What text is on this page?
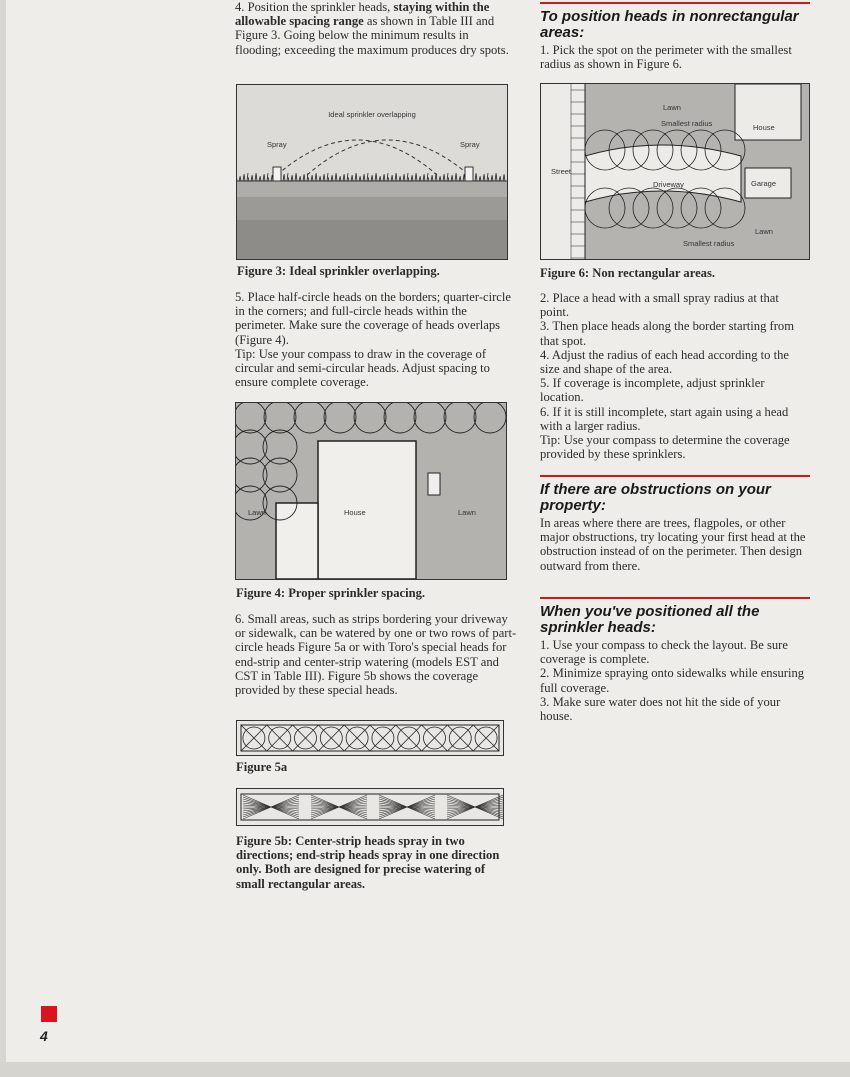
4. Position the sprinkler heads, staying within the allowable spacing range as shown in Table III and Figure 3. Going below the minimum results in flooding; exceeding the maximum produces dry spots.

Ideal sprinkler overlapping
Spray	Spray
Figure 3: Ideal sprinkler overlapping.

5. Place half-circle heads on the borders; quarter-circle in the corners; and full-circle heads within the perimeter. Make sure the coverage of heads overlaps (Figure 4).

Tip: Use your compass to draw in the coverage of circular and semi-circular heads. Adjust spacing to ensure complete coverage.

Lawn	House	Lawn
Figure 4: Proper sprinkler spacing.

6. Small areas, such as strips bordering your driveway or sidewalk, can be watered by one or two rows of part-circle heads Figure 5a or with Toro's special heads for end-strip and center-strip watering (models EST and CST in Table III). Figure 5b shows the coverage provided by these special heads.

Figure 5a
Figure 5b: Center-strip heads spray in two directions; end-strip heads spray in one direction only. Both are designed for precise watering of small rectangular areas.
To position heads in nonrectangular areas:

1. Pick the spot on the perimeter with the smallest radius as shown in Figure 6.

Lawn
Smallest radius	House
Street
Driveway	Garage
Lawn
Smallest radius
Figure 6: Non rectangular areas.

2. Place a head with a small spray radius at that point.

3. Then place heads along the border starting from that spot.

4. Adjust the radius of each head according to the size and shape of the area.

5. If coverage is incomplete, adjust sprinkler location.

6. If it is still incomplete, start again using a head with a larger radius.

Tip: Use your compass to determine the coverage provided by these sprinklers.

If there are obstructions on your property:

In areas where there are trees, flagpoles, or other major obstructions, try locating your first head at the obstruction instead of on the perimeter. Then design outward from there.

When you've positioned all the sprinkler heads:

1. Use your compass to check the layout. Be sure coverage is complete.

2. Minimize spraying onto sidewalks while ensuring full coverage.

3. Make sure water does not hit the side of your house.

4
